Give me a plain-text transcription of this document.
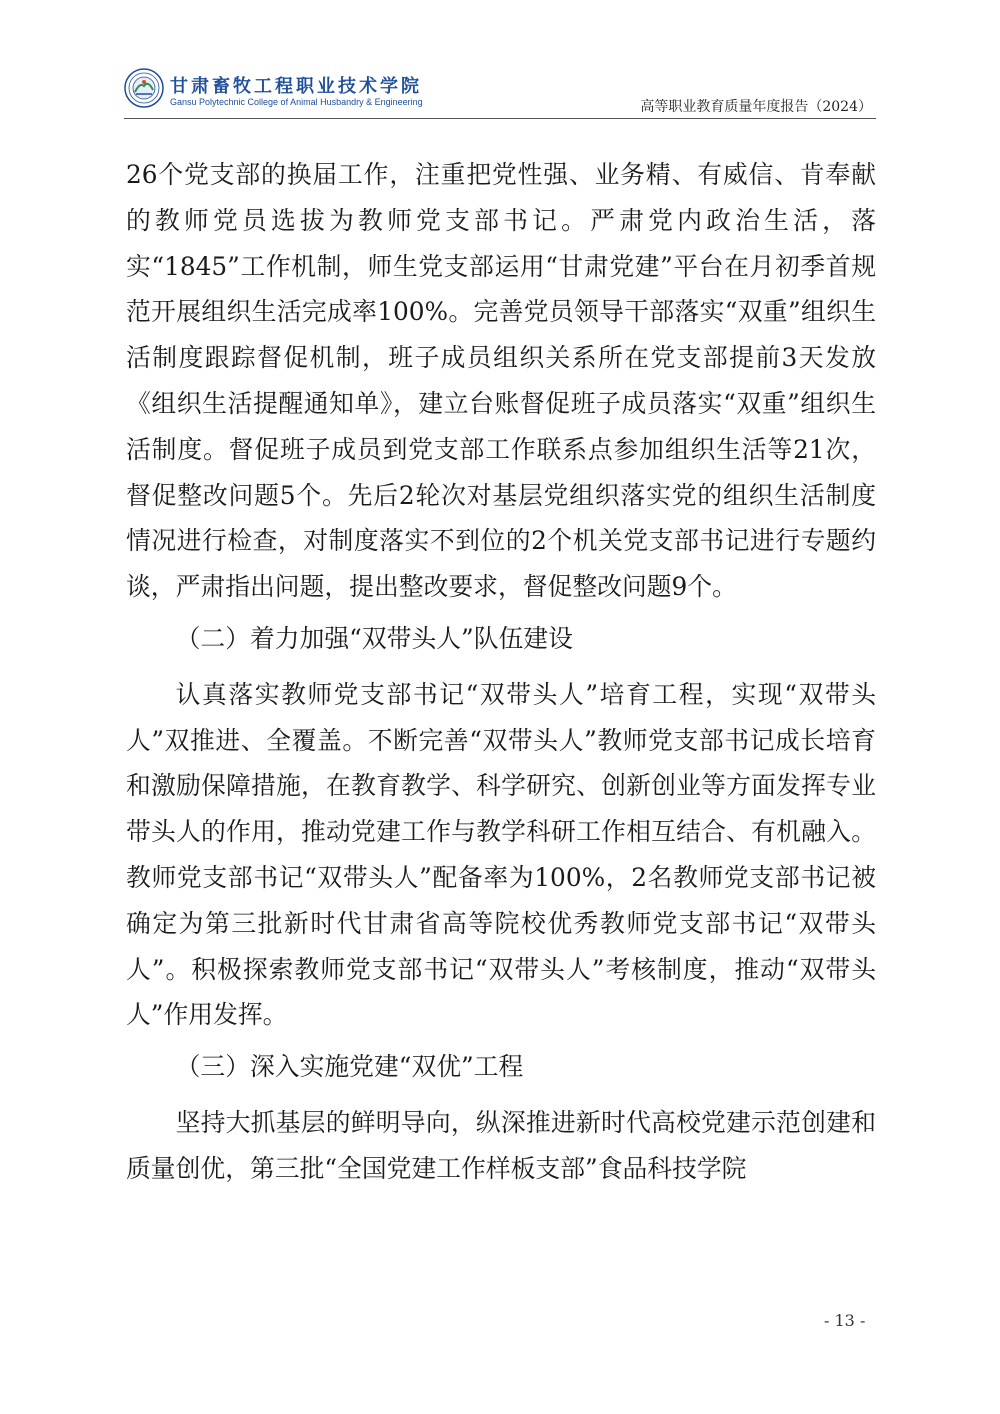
甘肃畜牧工程职业技术学院
Gansu Polytechnic College of Animal Husbandry & Engineering	高等职业教育质量年度报告（2024）

26个党支部的换届工作，注重把党性强、业务精、有威信、肯奉献的教师党员选拔为教师党支部书记。严肃党内政治生活，落实“1845”工作机制，师生党支部运用“甘肃党建”平台在月初季首规范开展组织生活完成率100%。完善党员领导干部落实“双重”组织生活制度跟踪督促机制，班子成员组织关系所在党支部提前3天发放《组织生活提醒通知单》，建立台账督促班子成员落实“双重”组织生活制度。督促班子成员到党支部工作联系点参加组织生活等21次，督促整改问题5个。先后2轮次对基层党组织落实党的组织生活制度情况进行检查，对制度落实不到位的2个机关党支部书记进行专题约谈，严肃指出问题，提出整改要求，督促整改问题9个。

（二）着力加强“双带头人”队伍建设

认真落实教师党支部书记“双带头人”培育工程，实现“双带头人”双推进、全覆盖。不断完善“双带头人”教师党支部书记成长培育和激励保障措施，在教育教学、科学研究、创新创业等方面发挥专业带头人的作用，推动党建工作与教学科研工作相互结合、有机融入。教师党支部书记“双带头人”配备率为100%，2名教师党支部书记被确定为第三批新时代甘肃省高等院校优秀教师党支部书记“双带头人”。积极探索教师党支部书记“双带头人”考核制度，推动“双带头人”作用发挥。

（三）深入实施党建“双优”工程

坚持大抓基层的鲜明导向，纵深推进新时代高校党建示范创建和质量创优，第三批“全国党建工作样板支部”食品科技学院

- 13 -
